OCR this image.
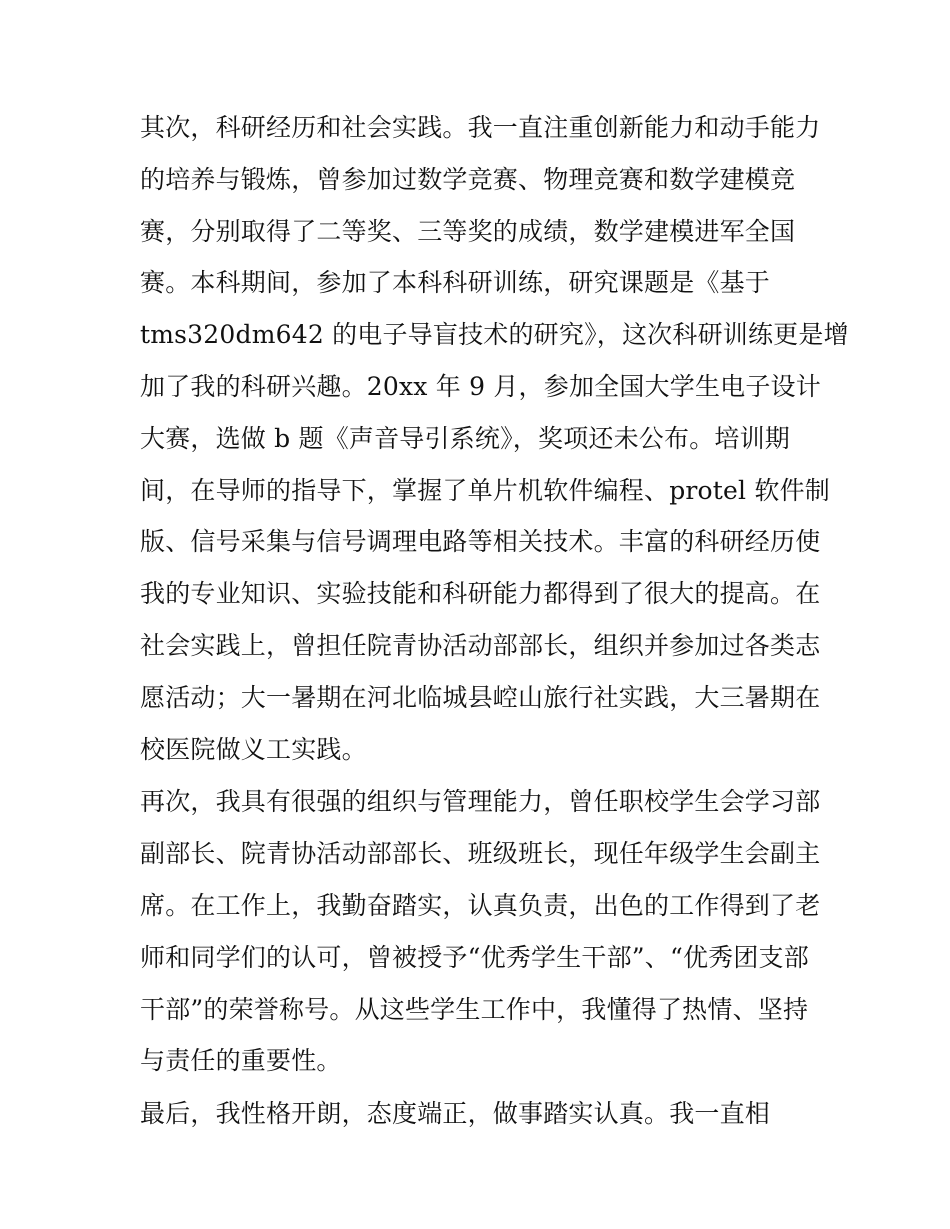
其次，科研经历和社会实践。我一直注重创新能力和动手能力
的培养与锻炼，曾参加过数学竞赛、物理竞赛和数学建模竞
赛，分别取得了二等奖、三等奖的成绩，数学建模进军全国
赛。本科期间，参加了本科科研训练，研究课题是《基于
tms320dm642 的电子导盲技术的研究》，这次科研训练更是增
加了我的科研兴趣。20xx 年 9 月，参加全国大学生电子设计
大赛，选做 b 题《声音导引系统》，奖项还未公布。培训期
间，在导师的指导下，掌握了单片机软件编程、protel 软件制
版、信号采集与信号调理电路等相关技术。丰富的科研经历使
我的专业知识、实验技能和科研能力都得到了很大的提高。在
社会实践上，曾担任院青协活动部部长，组织并参加过各类志
愿活动；大一暑期在河北临城县崆山旅行社实践，大三暑期在
校医院做义工实践。

再次，我具有很强的组织与管理能力，曾任职校学生会学习部
副部长、院青协活动部部长、班级班长，现任年级学生会副主
席。在工作上，我勤奋踏实，认真负责，出色的工作得到了老
师和同学们的认可，曾被授予“优秀学生干部”、“优秀团支部
干部”的荣誉称号。从这些学生工作中，我懂得了热情、坚持
与责任的重要性。

最后，我性格开朗，态度端正，做事踏实认真。我一直相
